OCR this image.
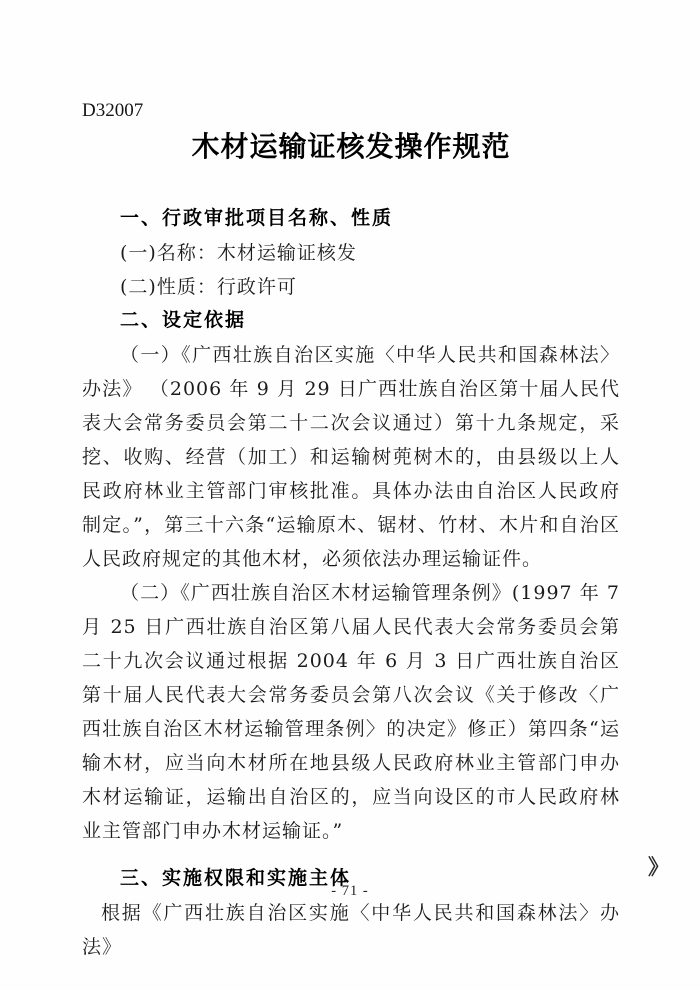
D32007
木材运输证核发操作规范

一、行政审批项目名称、性质

(一)名称：木材运输证核发

(二)性质：行政许可

二、设定依据

（一）《广西壮族自治区实施〈中华人民共和国森林法〉办法》 （2006 年 9 月 29 日广西壮族自治区第十届人民代表大会常务委员会第二十二次会议通过）第十九条规定，采挖、收购、经营（加工）和运输树蔸树木的，由县级以上人民政府林业主管部门审核批准。具体办法由自治区人民政府制定。”，第三十六条“运输原木、锯材、竹材、木片和自治区人民政府规定的其他木材，必须依法办理运输证件。

（二）《广西壮族自治区木材运输管理条例》(1997 年 7 月 25 日广西壮族自治区第八届人民代表大会常务委员会第二十九次会议通过根据 2004 年 6 月 3 日广西壮族自治区第十届人民代表大会常务委员会第八次会议《关于修改〈广西壮族自治区木材运输管理条例〉的决定》修正）第四条“运输木材，应当向木材所在地县级人民政府林业主管部门申办木材运输证，运输出自治区的，应当向设区的市人民政府林业主管部门申办木材运输证。”

三、实施权限和实施主体

根据《广西壮族自治区实施〈中华人民共和国森林法〉办法》

》
- 71 -
